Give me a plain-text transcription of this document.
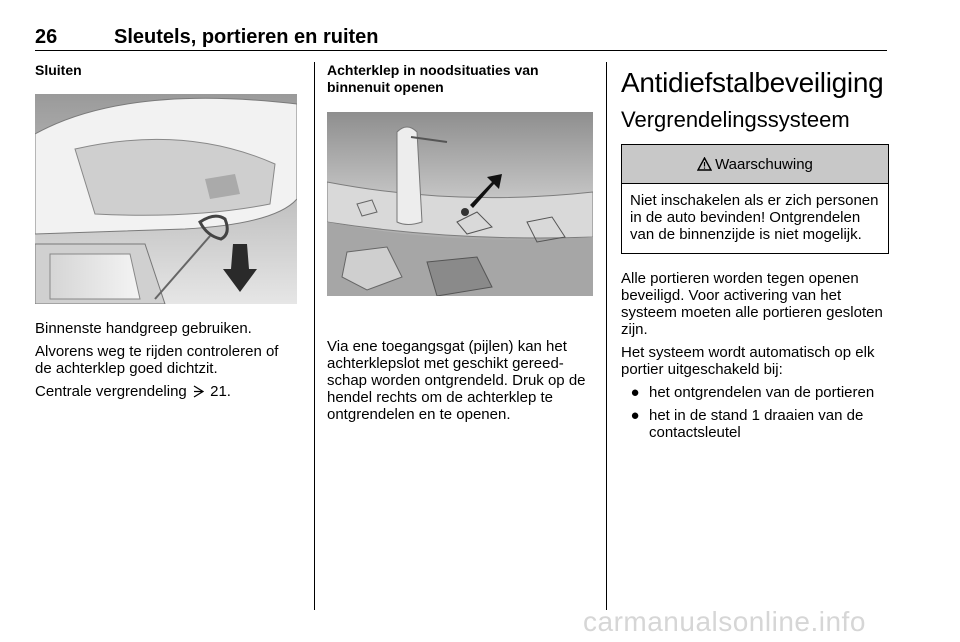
26	Sleutels, portieren en ruiten
Sluiten

Binnenste handgreep gebruiken.

Alvorens weg te rijden controleren of de achterklep goed dichtzit.

Centrale vergrendeling 21.

Achterklep in noodsituaties van binnenuit openen

Via ene toegangsgat (pijlen) kan het achterklepslot met geschikt gereedschap worden ontgrendeld. Druk op de hendel rechts om de achterklep te ontgrendelen en te openen.

Antidiefstalbeveiliging
Vergrendelingssysteem
Waarschuwing
Niet inschakelen als er zich personen in de auto bevinden! Ontgrendelen van de binnenzijde is niet mogelijk.

Alle portieren worden tegen openen beveiligd. Voor activering van het systeem moeten alle portieren gesloten zijn.

Het systeem wordt automatisch op elk portier uitgeschakeld bij:

● het ontgrendelen van de portieren
● het in de stand 1 draaien van de contactsleutel
carmanualsonline.info
